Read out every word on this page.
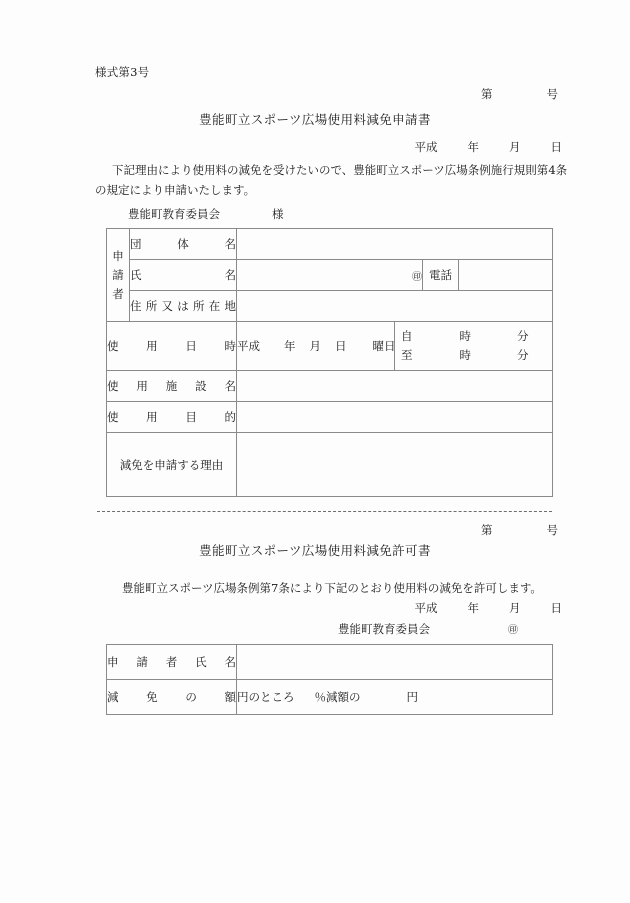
様式第3号
第	号
豊能町立スポーツ広場使用料減免申請書
平成	年	月	日
下記理由により使用料の減免を受けたいので、豊能町立スポーツ広場条例施行規則第4条の規定により申請いたします。
豊能町教育委員会	様
申
請
者	団体名				
	氏名	㊞		電話	
	住所又は所在地				
使用日時		平成 年 月 日 曜日	自 時 分
至 時 分		

使用施設名					
使用目的					
減免を申請する理由					
第	号
豊能町立スポーツ広場使用料減免許可書
豊能町立スポーツ広場条例第7条により下記のとおり使用料の減免を許可します。
平成	年	月	日
豊能町教育委員会	㊞
申請者氏名	
減免の額	円のところ ％減額の 円
